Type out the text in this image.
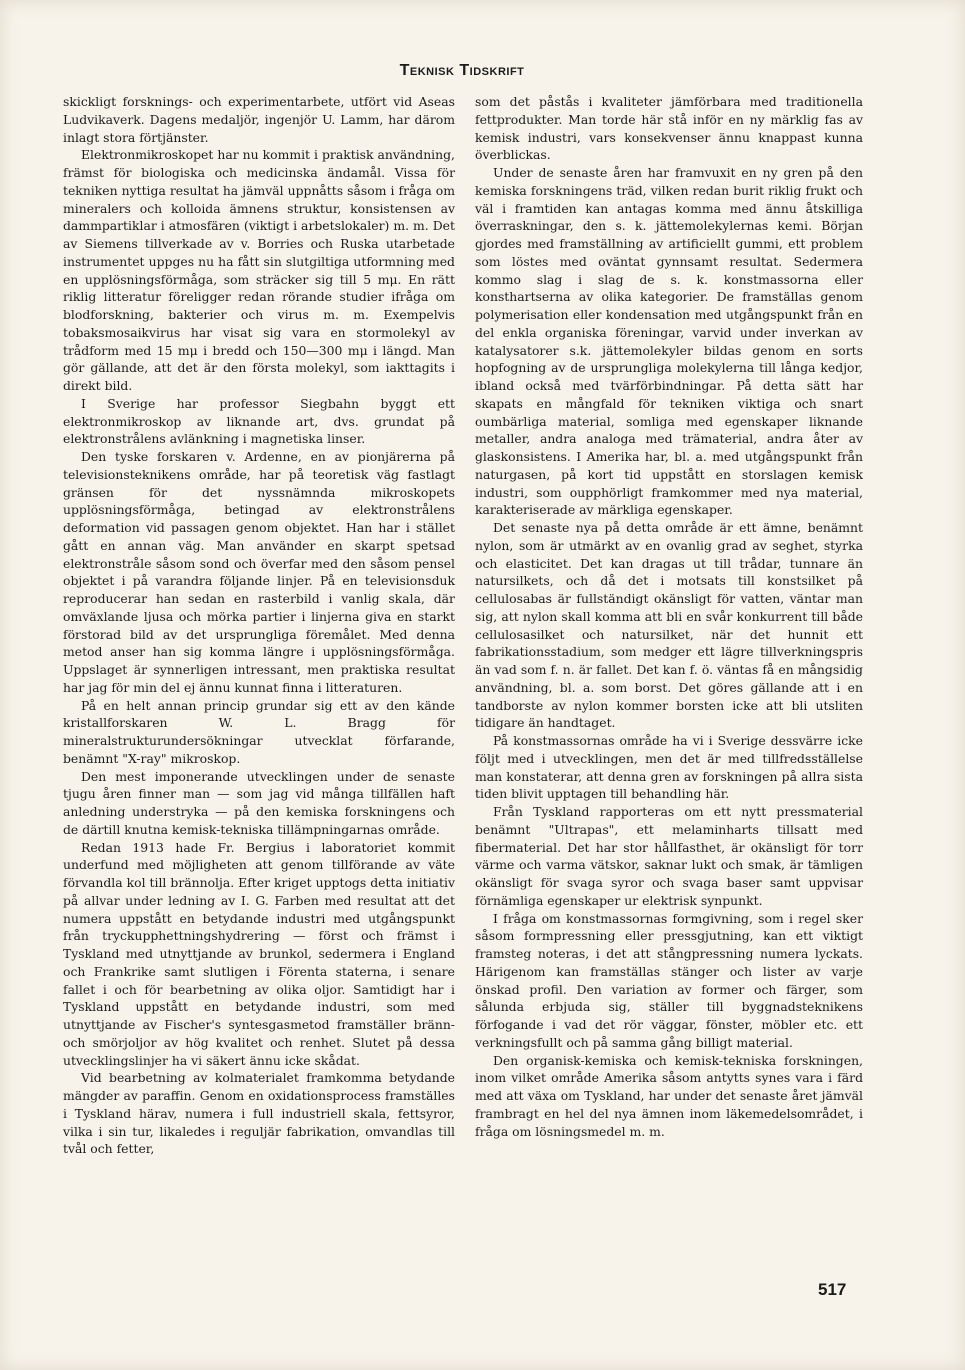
Teknisk Tidskrift

skickligt forsknings- och experimentarbete, utfört vid Aseas Ludvikaverk. Dagens medaljör, ingenjör U. Lamm, har därom inlagt stora förtjänster.

Elektronmikroskopet har nu kommit i praktisk användning, främst för biologiska och medicinska ändamål. Vissa för tekniken nyttiga resultat ha jämväl uppnåtts såsom i fråga om mineralers och kolloida ämnens struktur, konsistensen av dammpartiklar i atmosfären (viktigt i arbetslokaler) m. m. Det av Siemens tillverkade av v. Borries och Ruska utarbetade instrumentet uppges nu ha fått sin slutgiltiga utformning med en upplösningsförmåga, som sträcker sig till 5 mμ. En rätt riklig litteratur föreligger redan rörande studier ifråga om blodforskning, bakterier och virus m. m. Exempelvis tobaksmosaikvirus har visat sig vara en stormolekyl av trådform med 15 mμ i bredd och 150—300 mμ i längd. Man gör gällande, att det är den första molekyl, som iakttagits i direkt bild.

I Sverige har professor Siegbahn byggt ett elektronmikroskop av liknande art, dvs. grundat på elektronstrålens avlänkning i magnetiska linser.

Den tyske forskaren v. Ardenne, en av pionjärerna på televisionsteknikens område, har på teoretisk väg fastlagt gränsen för det nyssnämnda mikroskopets upplösningsförmåga, betingad av elektronstrålens deformation vid passagen genom objektet. Han har i stället gått en annan väg. Man använder en skarpt spetsad elektronstråle såsom sond och överfar med den såsom pensel objektet i på varandra följande linjer. På en televisionsduk reproducerar han sedan en rasterbild i vanlig skala, där omväxlande ljusa och mörka partier i linjerna giva en starkt förstorad bild av det ursprungliga föremålet. Med denna metod anser han sig komma längre i upplösningsförmåga. Uppslaget är synnerligen intressant, men praktiska resultat har jag för min del ej ännu kunnat finna i litteraturen.

På en helt annan princip grundar sig ett av den kände kristallforskaren W. L. Bragg för mineralstrukturundersökningar utvecklat förfarande, benämnt "X-ray" mikroskop.

Den mest imponerande utvecklingen under de senaste tjugu åren finner man — som jag vid många tillfällen haft anledning understryka — på den kemiska forskningens och de därtill knutna kemisk-tekniska tillämpningarnas område.

Redan 1913 hade Fr. Bergius i laboratoriet kommit underfund med möjligheten att genom tillförande av väte förvandla kol till brännolja. Efter kriget upptogs detta initiativ på allvar under ledning av I. G. Farben med resultat att det numera uppstått en betydande industri med utgångspunkt från tryckupphettningshydrering — först och främst i Tyskland med utnyttjande av brunkol, sedermera i England och Frankrike samt slutligen i Förenta staterna, i senare fallet i och för bearbetning av olika oljor. Samtidigt har i Tyskland uppstått en betydande industri, som med utnyttjande av Fischer's syntesgasmetod framställer bränn- och smörjoljor av hög kvalitet och renhet. Slutet på dessa utvecklingslinjer ha vi säkert ännu icke skådat.

Vid bearbetning av kolmaterialet framkomma betydande mängder av paraffin. Genom en oxidationsprocess framställes i Tyskland härav, numera i full industriell skala, fettsyror, vilka i sin tur, likaledes i reguljär fabrikation, omvandlas till tvål och fetter,

som det påstås i kvaliteter jämförbara med traditionella fettprodukter. Man torde här stå inför en ny märklig fas av kemisk industri, vars konsekvenser ännu knappast kunna överblickas.

Under de senaste åren har framvuxit en ny gren på den kemiska forskningens träd, vilken redan burit riklig frukt och väl i framtiden kan antagas komma med ännu åtskilliga överraskningar, den s. k. jättemolekylernas kemi. Början gjordes med framställning av artificiellt gummi, ett problem som löstes med oväntat gynnsamt resultat. Sedermera kommo slag i slag de s. k. konstmassorna eller konsthartserna av olika kategorier. De framställas genom polymerisation eller kondensation med utgångspunkt från en del enkla organiska föreningar, varvid under inverkan av katalysatorer s.k. jättemolekyler bildas genom en sorts hopfogning av de ursprungliga molekylerna till långa kedjor, ibland också med tvärförbindningar. På detta sätt har skapats en mångfald för tekniken viktiga och snart oumbärliga material, somliga med egenskaper liknande metaller, andra analoga med trämaterial, andra åter av glaskonsistens. I Amerika har, bl. a. med utgångspunkt från naturgasen, på kort tid uppstått en storslagen kemisk industri, som oupphörligt framkommer med nya material, karakteriserade av märkliga egenskaper.

Det senaste nya på detta område är ett ämne, benämnt nylon, som är utmärkt av en ovanlig grad av seghet, styrka och elasticitet. Det kan dragas ut till trådar, tunnare än natursilkets, och då det i motsats till konstsilket på cellulosabas är fullständigt okänsligt för vatten, väntar man sig, att nylon skall komma att bli en svår konkurrent till både cellulosasilket och natursilket, när det hunnit ett fabrikationsstadium, som medger ett lägre tillverkningspris än vad som f. n. är fallet. Det kan f. ö. väntas få en mångsidig användning, bl. a. som borst. Det göres gällande att i en tandborste av nylon kommer borsten icke att bli utsliten tidigare än handtaget.

På konstmassornas område ha vi i Sverige dessvärre icke följt med i utvecklingen, men det är med tillfredsställelse man konstaterar, att denna gren av forskningen på allra sista tiden blivit upptagen till behandling här.

Från Tyskland rapporteras om ett nytt pressmaterial benämnt "Ultrapas", ett melaminharts tillsatt med fibermaterial. Det har stor hållfasthet, är okänsligt för torr värme och varma vätskor, saknar lukt och smak, är tämligen okänsligt för svaga syror och svaga baser samt uppvisar förnämliga egenskaper ur elektrisk synpunkt.

I fråga om konstmassornas formgivning, som i regel sker såsom formpressning eller pressgjutning, kan ett viktigt framsteg noteras, i det att stångpressning numera lyckats. Härigenom kan framställas stänger och lister av varje önskad profil. Den variation av former och färger, som sålunda erbjuda sig, ställer till byggnadsteknikens förfogande i vad det rör väggar, fönster, möbler etc. ett verkningsfullt och på samma gång billigt material.

Den organisk-kemiska och kemisk-tekniska forskningen, inom vilket område Amerika såsom antytts synes vara i färd med att växa om Tyskland, har under det senaste året jämväl frambragt en hel del nya ämnen inom läkemedelsområdet, i fråga om lösningsmedel m. m.

517
